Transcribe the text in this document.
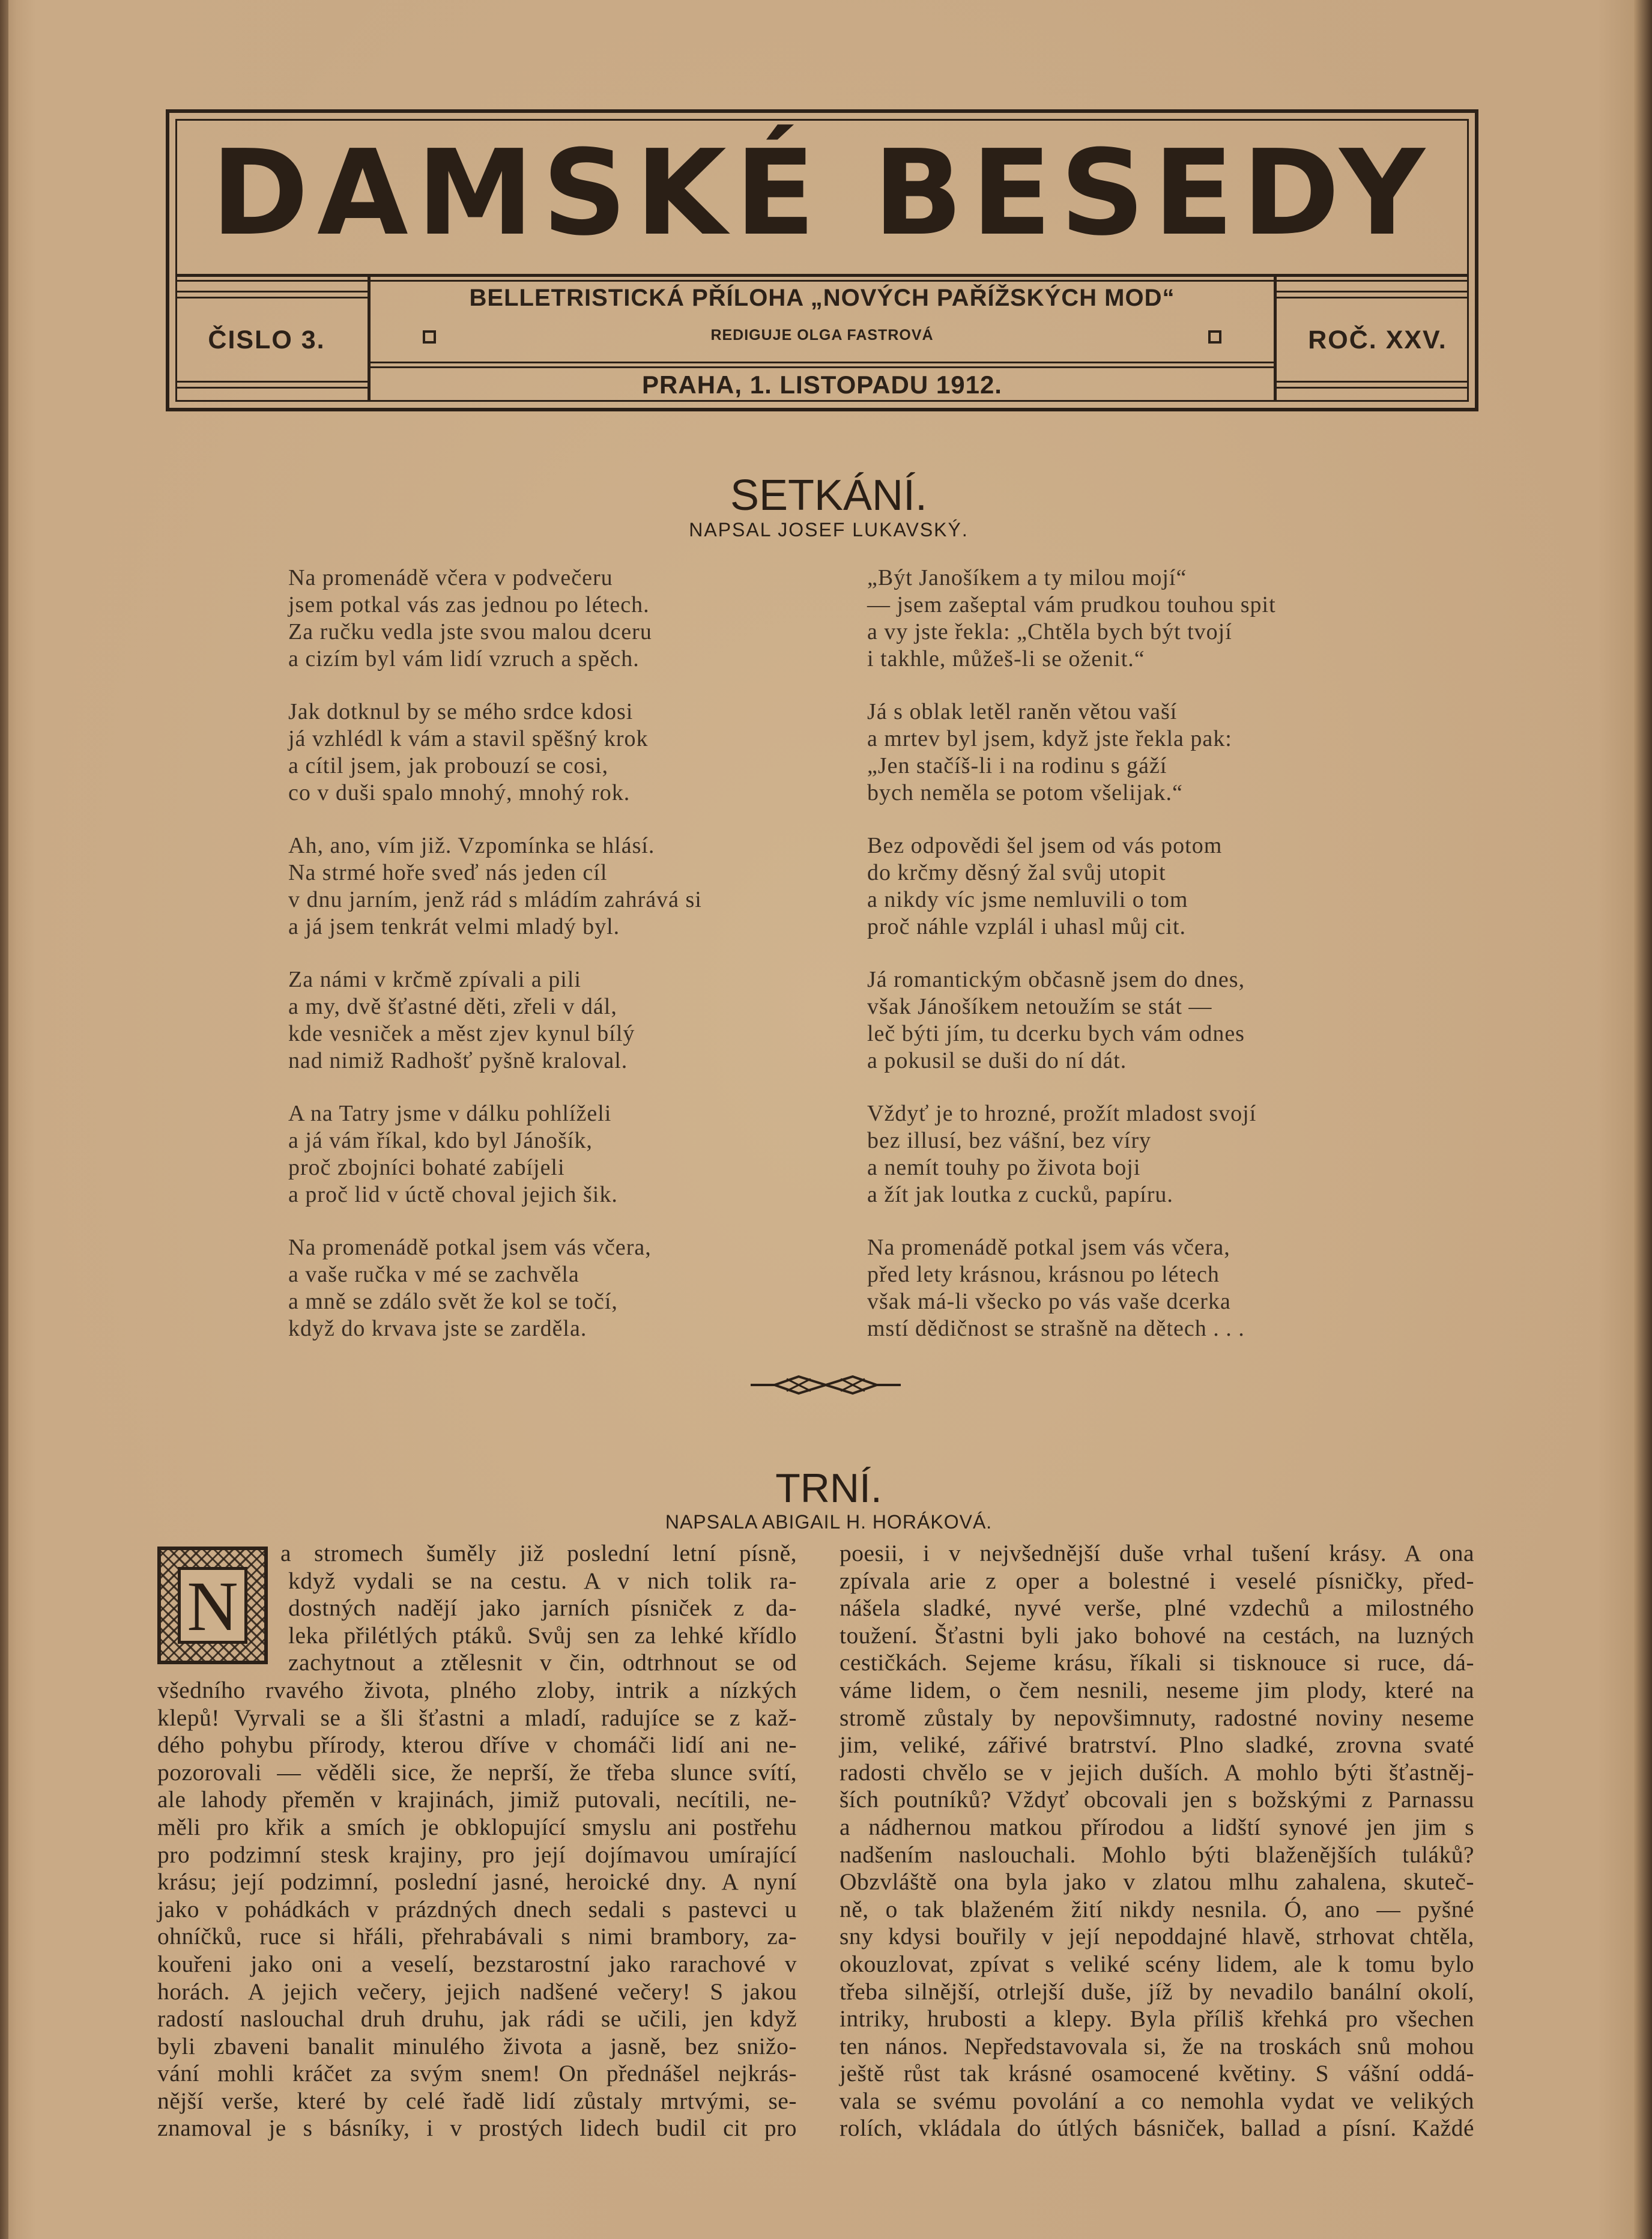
DAMSKÉ BESEDY
ČISLO 3.	ROČ. XXV.
BELLETRISTICKÁ PŘÍLOHA „NOVÝCH PAŘÍŽSKÝCH MOD“
REDIGUJE OLGA FASTROVÁ
PRAHA, 1. LISTOPADU 1912.
SETKÁNÍ.
NAPSAL JOSEF LUKAVSKÝ.
Na promenádě včera v podvečeru
jsem potkal vás zas jednou po létech.
Za ručku vedla jste svou malou dceru
a cizím byl vám lidí vzruch a spěch.
Jak dotknul by se mého srdce kdosi
já vzhlédl k vám a stavil spěšný krok
a cítil jsem, jak probouzí se cosi,
co v duši spalo mnohý, mnohý rok.
Ah, ano, vím již. Vzpomínka se hlásí.
Na strmé hoře sveď nás jeden cíl
v dnu jarním, jenž rád s mládím zahrává si
a já jsem tenkrát velmi mladý byl.
Za námi v krčmě zpívali a pili
a my, dvě šťastné děti, zřeli v dál,
kde vesniček a měst zjev kynul bílý
nad nimiž Radhošť pyšně kraloval.
A na Tatry jsme v dálku pohlíželi
a já vám říkal, kdo byl Jánošík,
proč zbojníci bohaté zabíjeli
a proč lid v úctě choval jejich šik.
Na promenádě potkal jsem vás včera,
a vaše ručka v mé se zachvěla
a mně se zdálo svět že kol se točí,
když do krvava jste se zarděla.
„Být Janošíkem a ty milou mojí“
— jsem zašeptal vám prudkou touhou spit
a vy jste řekla: „Chtěla bych být tvojí
i takhle, můžeš-li se oženit.“
Já s oblak letěl raněn větou vaší
a mrtev byl jsem, když jste řekla pak:
„Jen stačíš-li i na rodinu s gáží
bych neměla se potom všelijak.“
Bez odpovědi šel jsem od vás potom
do krčmy děsný žal svůj utopit
a nikdy víc jsme nemluvili o tom
proč náhle vzplál i uhasl můj cit.
Já romantickým občasně jsem do dnes,
však Jánošíkem netoužím se stát —
leč býti jím, tu dcerku bych vám odnes
a pokusil se duši do ní dát.
Vždyť je to hrozné, prožít mladost svojí
bez illusí, bez vášní, bez víry
a nemít touhy po života boji
a žít jak loutka z cucků, papíru.
Na promenádě potkal jsem vás včera,
před lety krásnou, krásnou po létech
však má-li všecko po vás vaše dcerka
mstí dědičnost se strašně na dětech . . .
TRNÍ.
NAPSALA ABIGAIL H. HORÁKOVÁ.
N
a stromech šuměly již poslední letní písně,
když vydali se na cestu. A v nich tolik ra-
dostných nadějí jako jarních písniček z da-
leka přilétlých ptáků. Svůj sen za lehké křídlo
zachytnout a ztělesnit v čin, odtrhnout se od
všedního rvavého života, plného zloby, intrik a nízkých
klepů! Vyrvali se a šli šťastni a mladí, radujíce se z kaž-
dého pohybu přírody, kterou dříve v chomáči lidí ani ne-
pozorovali — věděli sice, že neprší, že třeba slunce svítí,
ale lahody přeměn v krajinách, jimiž putovali, necítili, ne-
měli pro křik a smích je obklopující smyslu ani postřehu
pro podzimní stesk krajiny, pro její dojímavou umírající
krásu; její podzimní, poslední jasné, heroické dny. A nyní
jako v pohádkách v prázdných dnech sedali s pastevci u
ohníčků, ruce si hřáli, přehrabávali s nimi brambory, za-
kouřeni jako oni a veselí, bezstarostní jako rarachové v
horách. A jejich večery, jejich nadšené večery! S jakou
radostí naslouchal druh druhu, jak rádi se učili, jen když
byli zbaveni banalit minulého života a jasně, bez snižo-
vání mohli kráčet za svým snem! On přednášel nejkrás-
nější verše, které by celé řadě lidí zůstaly mrtvými, se-
znamoval je s básníky, i v prostých lidech budil cit pro
poesii, i v nejvšednější duše vrhal tušení krásy. A ona
zpívala arie z oper a bolestné i veselé písničky, před-
nášela sladké, nyvé verše, plné vzdechů a milostného
toužení. Šťastni byli jako bohové na cestách, na luzných
cestičkách. Sejeme krásu, říkali si tisknouce si ruce, dá-
váme lidem, o čem nesnili, neseme jim plody, které na
stromě zůstaly by nepovšimnuty, radostné noviny neseme
jim, veliké, zářivé bratrství. Plno sladké, zrovna svaté
radosti chvělo se v jejich duších. A mohlo býti šťastněj-
ších poutníků? Vždyť obcovali jen s božskými z Parnassu
a nádhernou matkou přírodou a lidští synové jen jim s
nadšením naslouchali. Mohlo býti blaženějších tuláků?
Obzvláště ona byla jako v zlatou mlhu zahalena, skuteč-
ně, o tak blaženém žití nikdy nesnila. Ó, ano — pyšné
sny kdysi bouřily v její nepoddajné hlavě, strhovat chtěla,
okouzlovat, zpívat s veliké scény lidem, ale k tomu bylo
třeba silnější, otrlejší duše, jíž by nevadilo banální okolí,
intriky, hrubosti a klepy. Byla příliš křehká pro všechen
ten nános. Nepředstavovala si, že na troskách snů mohou
ještě růst tak krásné osamocené květiny. S vášní oddá-
vala se svému povolání a co nemohla vydat ve velikých
rolích, vkládala do útlých básniček, ballad a písní. Každé
